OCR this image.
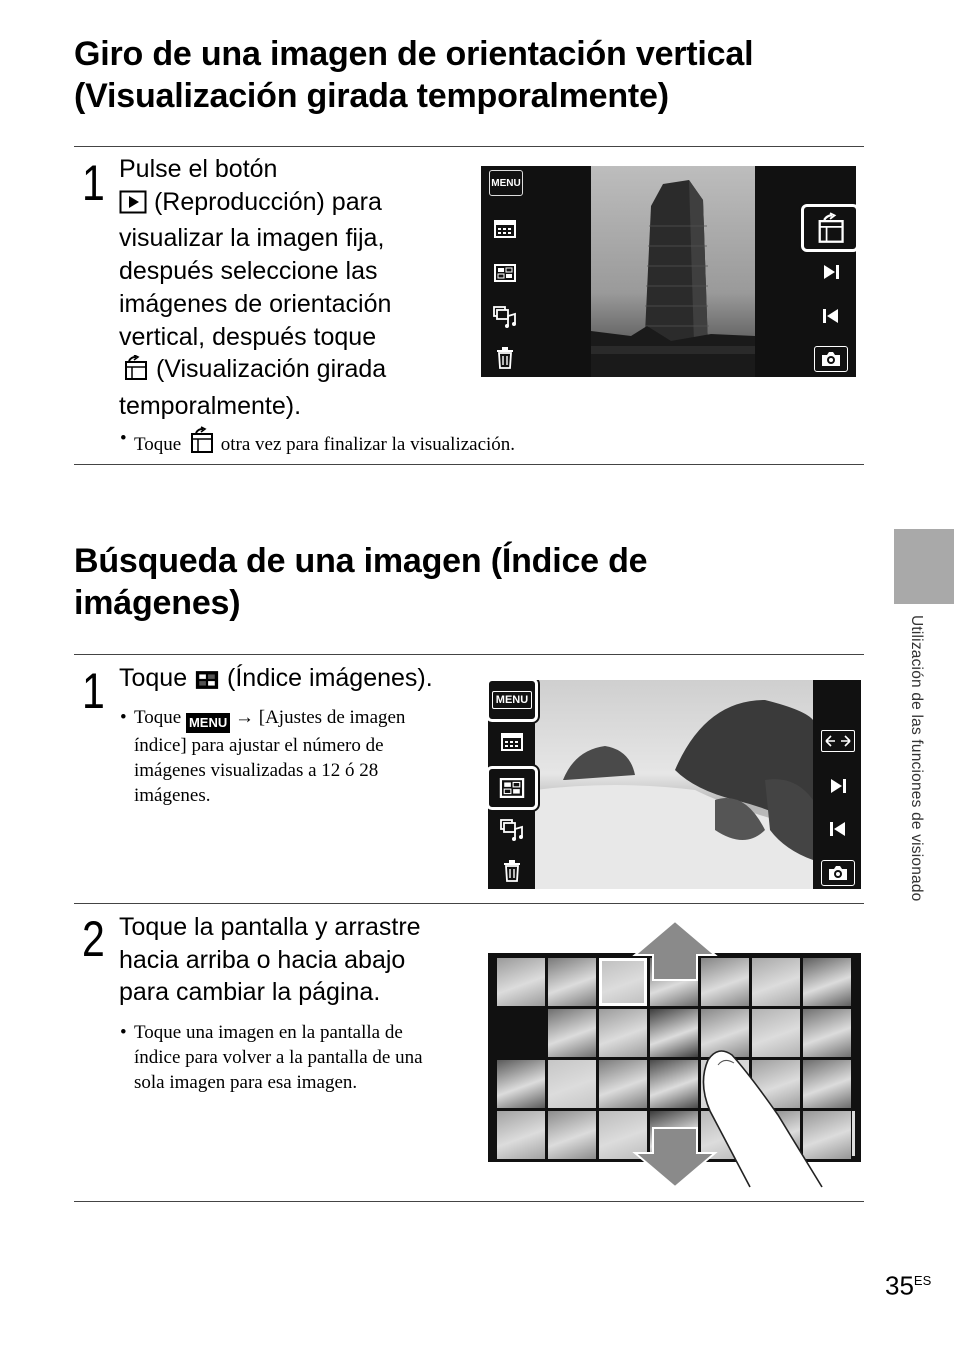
Giro de una imagen de orientación vertical
(Visualización girada temporalmente)
1 Pulse el botón
(Reproducción) para
visualizar la imagen fija,
después seleccione las
imágenes de orientación
vertical, después toque
(Visualización girada
temporalmente).
• Toque otra vez para finalizar la visualización.
MENU
Búsqueda de una imagen (Índice de
imágenes)
1 Toque (Índice imágenes).
• Toque MENU → [Ajustes de imagen
índice] para ajustar el número de
imágenes visualizadas a 12 ó 28
imágenes.
MENU
2 Toque la pantalla y arrastre
hacia arriba o hacia abajo
para cambiar la página.
• Toque una imagen en la pantalla de
índice para volver a la pantalla de una
sola imagen para esa imagen.
Utilización de las funciones de visionado
$35^{ES}$
